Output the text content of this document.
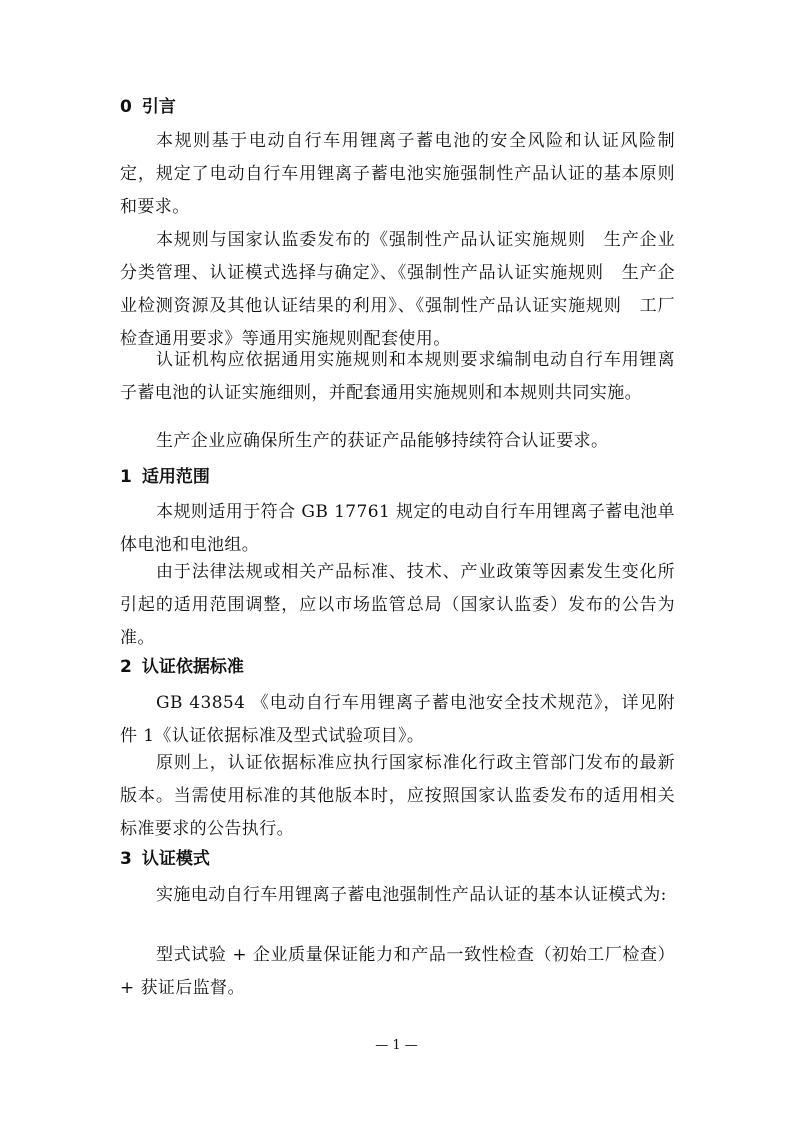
0 引言

本规则基于电动自行车用锂离子蓄电池的安全风险和认证风险制定，规定了电动自行车用锂离子蓄电池实施强制性产品认证的基本原则和要求。

本规则与国家认监委发布的《强制性产品认证实施规则　生产企业分类管理、认证模式选择与确定》、《强制性产品认证实施规则　生产企业检测资源及其他认证结果的利用》、《强制性产品认证实施规则　工厂检查通用要求》等通用实施规则配套使用。

认证机构应依据通用实施规则和本规则要求编制电动自行车用锂离子蓄电池的认证实施细则，并配套通用实施规则和本规则共同实施。

生产企业应确保所生产的获证产品能够持续符合认证要求。

1 适用范围

本规则适用于符合 GB 17761 规定的电动自行车用锂离子蓄电池单体电池和电池组。

由于法律法规或相关产品标准、技术、产业政策等因素发生变化所引起的适用范围调整，应以市场监管总局（国家认监委）发布的公告为准。

2 认证依据标准

GB 43854 《电动自行车用锂离子蓄电池安全技术规范》，详见附件 1《认证依据标准及型式试验项目》。

原则上，认证依据标准应执行国家标准化行政主管部门发布的最新版本。当需使用标准的其他版本时，应按照国家认监委发布的适用相关标准要求的公告执行。

3 认证模式

实施电动自行车用锂离子蓄电池强制性产品认证的基本认证模式为:

型式试验 + 企业质量保证能力和产品一致性检查（初始工厂检查） + 获证后监督。

— 1 —
